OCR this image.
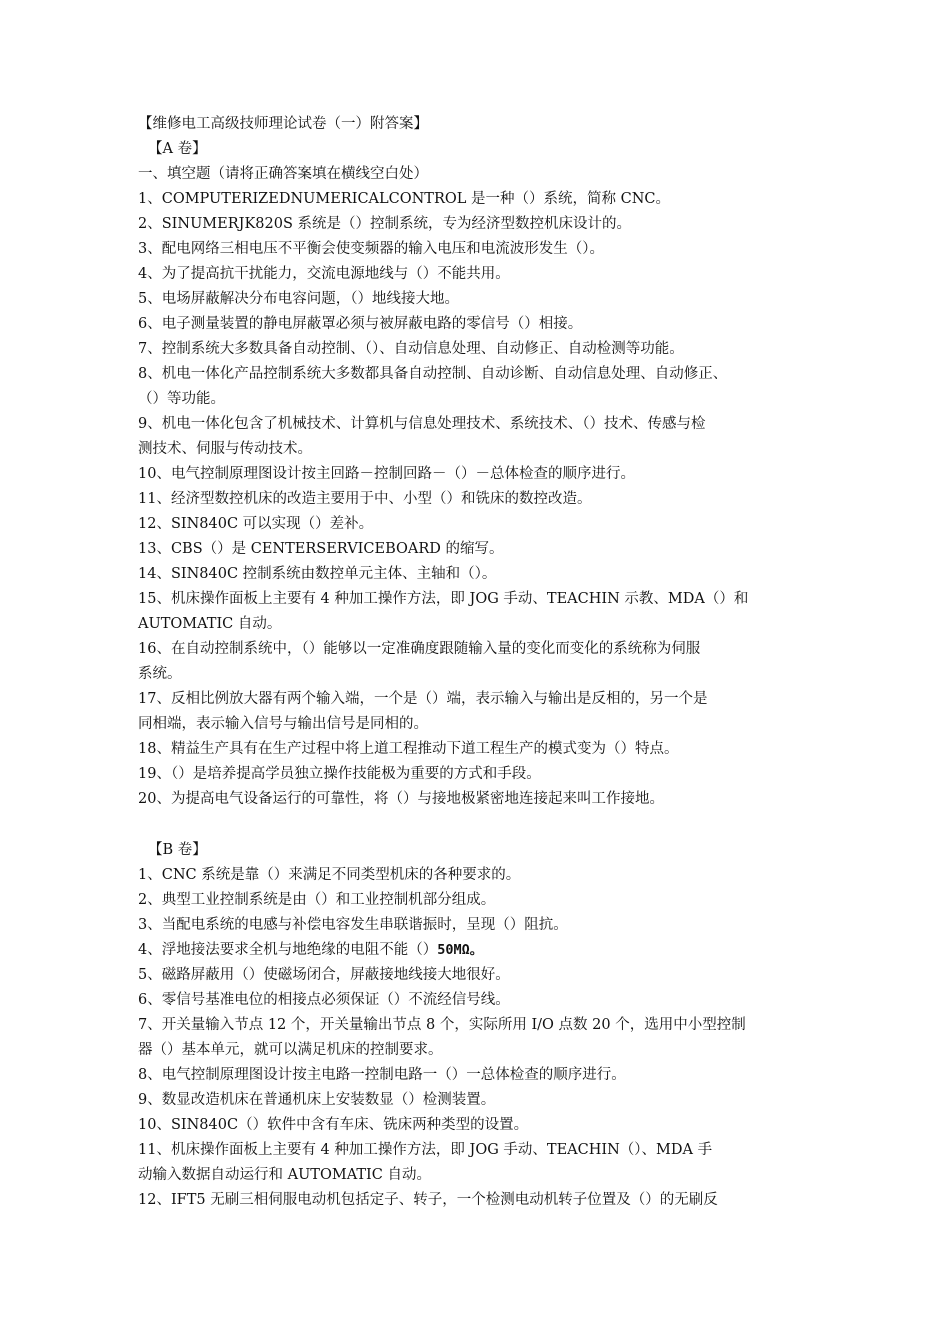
【维修电工高级技师理论试卷（一）附答案】
【A 卷】
一、填空题（请将正确答案填在横线空白处）
1、COMPUTERIZEDNUMERICALCONTROL 是一种（）系统，简称 CNC。
2、SINUMERJK820S 系统是（）控制系统，专为经济型数控机床设计的。
3、配电网络三相电压不平衡会使变频器的输入电压和电流波形发生（）。
4、为了提高抗干扰能力，交流电源地线与（）不能共用。
5、电场屏蔽解决分布电容问题，（）地线接大地。
6、电子测量装置的静电屏蔽罩必须与被屏蔽电路的零信号（）相接。
7、控制系统大多数具备自动控制、（）、自动信息处理、自动修正、自动检测等功能。
8、机电一体化产品控制系统大多数都具备自动控制、自动诊断、自动信息处理、自动修正、
（）等功能。
9、机电一体化包含了机械技术、计算机与信息处理技术、系统技术、（）技术、传感与检
测技术、伺服与传动技术。
10、电气控制原理图设计按主回路－控制回路－（）－总体检查的顺序进行。
11、经济型数控机床的改造主要用于中、小型（）和铣床的数控改造。
12、SIN840C 可以实现（）差补。
13、CBS（）是 CENTERSERVICEBOARD 的缩写。
14、SIN840C 控制系统由数控单元主体、主轴和（）。
15、机床操作面板上主要有 4 种加工操作方法，即 JOG 手动、TEACHIN 示教、MDA（）和
AUTOMATIC 自动。
16、在自动控制系统中，（）能够以一定准确度跟随输入量的变化而变化的系统称为伺服
系统。
17、反相比例放大器有两个输入端，一个是（）端，表示输入与输出是反相的，另一个是
同相端，表示输入信号与输出信号是同相的。
18、精益生产具有在生产过程中将上道工程推动下道工程生产的模式变为（）特点。
19、（）是培养提高学员独立操作技能极为重要的方式和手段。
20、为提高电气设备运行的可靠性，将（）与接地极紧密地连接起来叫工作接地。
【B 卷】
1、CNC 系统是靠（）来满足不同类型机床的各种要求的。
2、典型工业控制系统是由（）和工业控制机部分组成。
3、当配电系统的电感与补偿电容发生串联谐振时，呈现（）阻抗。
4、浮地接法要求全机与地绝缘的电阻不能（）50MΩ。
5、磁路屏蔽用（）使磁场闭合，屏蔽接地线接大地很好。
6、零信号基准电位的相接点必须保证（）不流经信号线。
7、开关量输入节点 12 个，开关量输出节点 8 个，实际所用 I/O 点数 20 个，选用中小型控制
器（）基本单元，就可以满足机床的控制要求。
8、电气控制原理图设计按主电路一控制电路一（）一总体检查的顺序进行。
9、数显改造机床在普通机床上安装数显（）检测装置。
10、SIN840C（）软件中含有车床、铣床两种类型的设置。
11、机床操作面板上主要有 4 种加工操作方法，即 JOG 手动、TEACHIN（）、MDA 手
动输入数据自动运行和 AUTOMATIC 自动。
12、IFT5 无刷三相伺服电动机包括定子、转子，一个检测电动机转子位置及（）的无刷反
